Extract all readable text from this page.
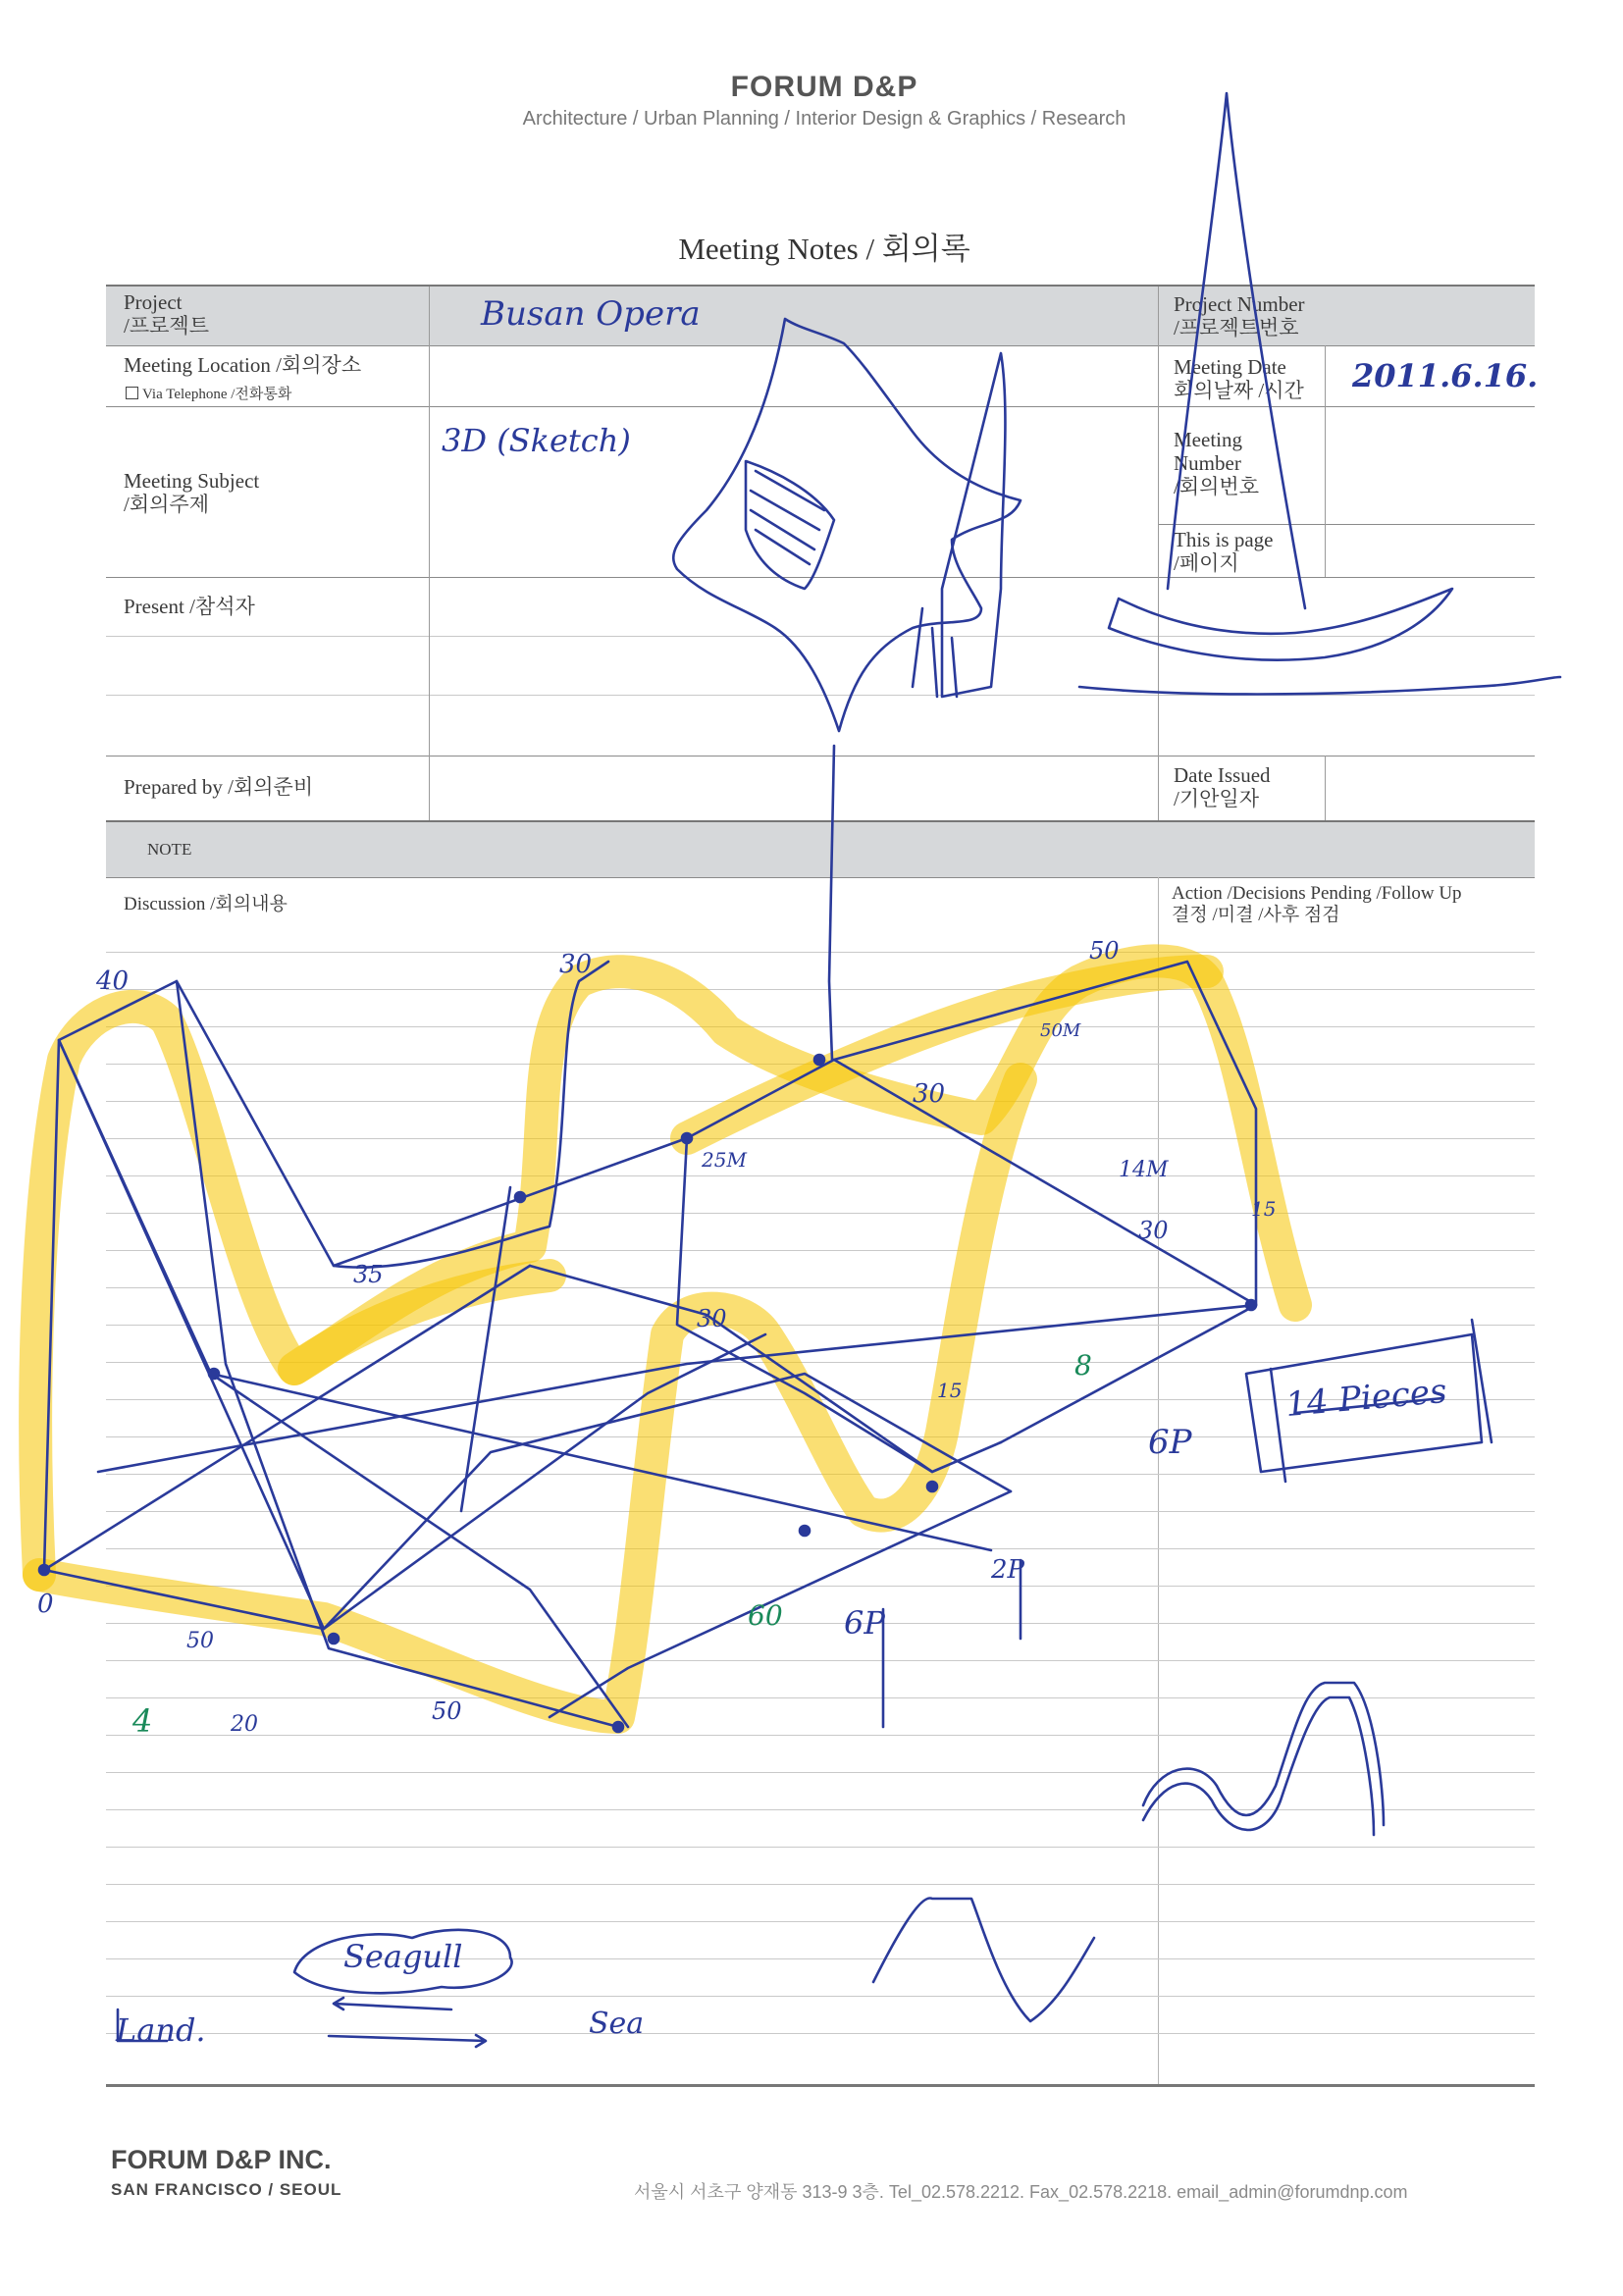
FORUM D&P
Architecture / Urban Planning / Interior Design & Graphics / Research
Meeting Notes / 회의록
Project
/프로젝트
Meeting Location /회의장소
Via Telephone /전화통화
Meeting Subject
/회의주제
Present /참석자
Prepared by /회의준비
NOTE
Discussion /회의내용
Project Number
/프로젝트번호
Meeting Date
회의날짜 /시간
Meeting
Number
/회의번호
This is page
/페이지
Date Issued
/기안일자
Action /Decisions Pending /Follow Up
결정 /미결 /사후 점검
Busan Opera
2011.6.16.
3D (Sketch)
14 Pieces
6P
8
60
4
Land.
Seagull
Sea
40
30	50
30
35
25M
30
14M
30
15
15
50
50
0
2P
6P
20
50M
FORUM D&P INC.
SAN FRANCISCO / SEOUL	서울시 서초구 양재동 313-9 3층. Tel_02.578.2212. Fax_02.578.2218. email_admin@forumdnp.com
